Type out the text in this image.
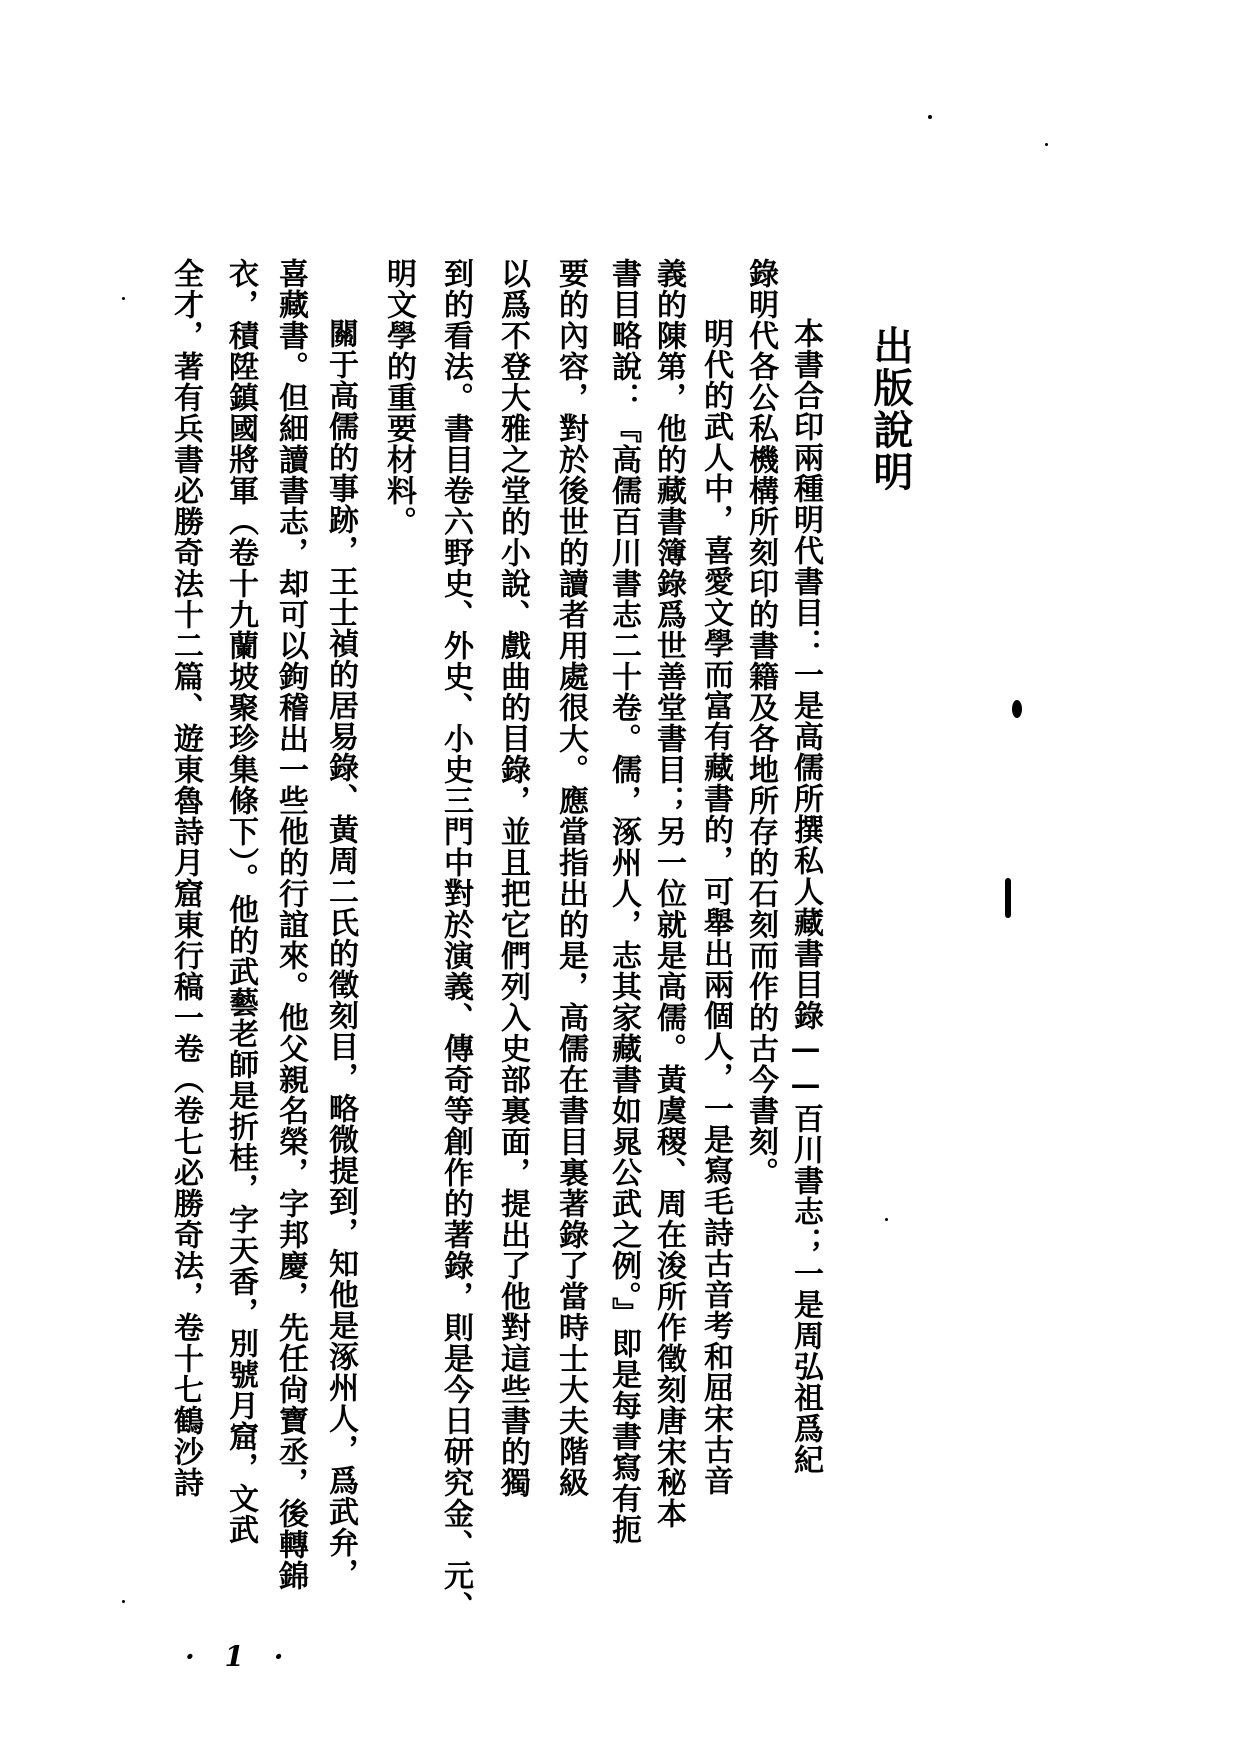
出版說明
本書合印兩種明代書目：一是高儒所撰私人藏書目錄——百川書志；一是周弘祖爲紀
錄明代各公私機構所刻印的書籍及各地所存的石刻而作的古今書刻。
明代的武人中，喜愛文學而富有藏書的，可舉出兩個人，一是寫毛詩古音考和屈宋古音
義的陳第，他的藏書簿錄爲世善堂書目；另一位就是高儒。黃虞稷、周在浚所作徵刻唐宋秘本
書目略說：『高儒百川書志二十卷。儒，涿州人，志其家藏書如晁公武之例。』即是每書寫有扼
要的內容，對於後世的讀者用處很大。應當指出的是，高儒在書目裏著錄了當時士大夫階級
以爲不登大雅之堂的小說、戲曲的目錄，並且把它們列入史部裏面，提出了他對這些書的獨
到的看法。書目卷六野史、外史、小史三門中對於演義、傳奇等創作的著錄，則是今日研究金、元、
明文學的重要材料。
關于高儒的事跡，王士禎的居易錄、黃周二氏的徵刻目，略微提到，知他是涿州人，爲武弁，
喜藏書。但細讀書志，却可以鉤稽出一些他的行誼來。他父親名榮，字邦慶，先任尙寶丞，後轉錦
衣，積陞鎮國將軍（卷十九蘭坡聚珍集條下）。他的武藝老師是折桂，字天香，別號月窟，文武
全才，著有兵書必勝奇法十二篇、遊東魯詩月窟東行稿一卷（卷七必勝奇法，卷十七鶴沙詩
· 1 ·
